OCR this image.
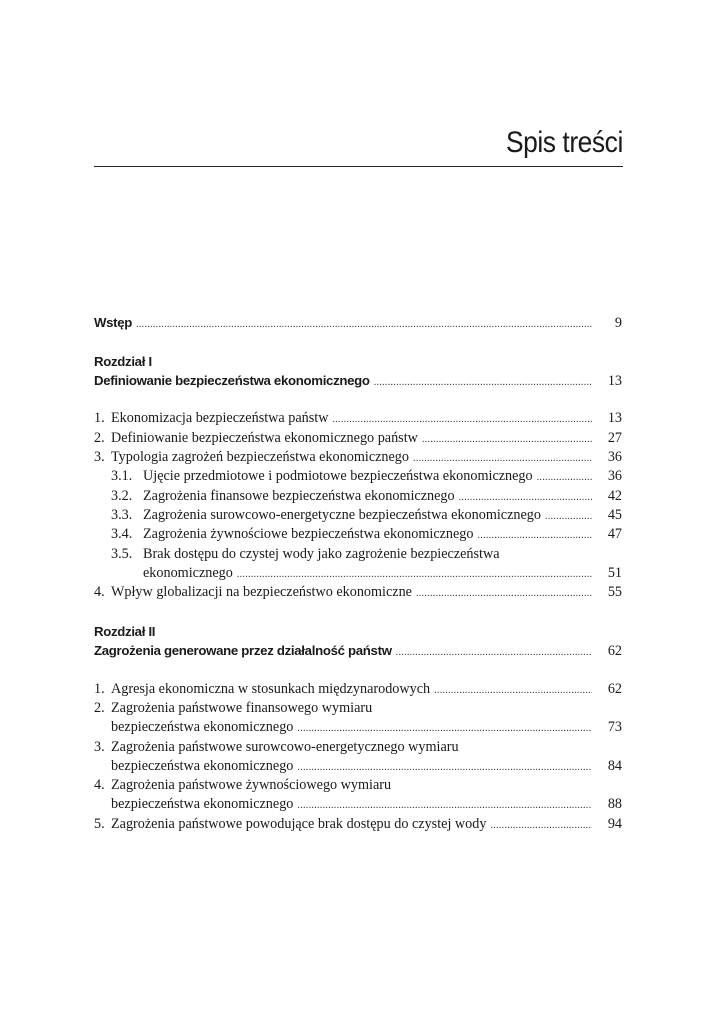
Spis treści
Wstęp . . .	9
Rozdział I
Definiowanie bezpieczeństwa ekonomicznego . . .	13
1. Ekonomizacja bezpieczeństwa państw . . .	13
2. Definiowanie bezpieczeństwa ekonomicznego państw . . .	27
3. Typologia zagrożeń bezpieczeństwa ekonomicznego . . .	36
3.1. Ujęcie przedmiotowe i podmiotowe bezpieczeństwa ekonomicznego . . .	36
3.2. Zagrożenia finansowe bezpieczeństwa ekonomicznego . . .	42
3.3. Zagrożenia surowcowo-energetyczne bezpieczeństwa ekonomicznego . . .	45
3.4. Zagrożenia żywnościowe bezpieczeństwa ekonomicznego . . .	47
3.5. Brak dostępu do czystej wody jako zagrożenie bezpieczeństwa
ekonomicznego . . .	51
4. Wpływ globalizacji na bezpieczeństwo ekonomiczne . . .	55
Rozdział II
Zagrożenia generowane przez działalność państw . . .	62
1. Agresja ekonomiczna w stosunkach międzynarodowych . . .	62
2. Zagrożenia państwowe finansowego wymiaru
bezpieczeństwa ekonomicznego . . .	73
3. Zagrożenia państwowe surowcowo-energetycznego wymiaru
bezpieczeństwa ekonomicznego . . .	84
4. Zagrożenia państwowe żywnościowego wymiaru
bezpieczeństwa ekonomicznego . . .	88
5. Zagrożenia państwowe powodujące brak dostępu do czystej wody . . .	94
